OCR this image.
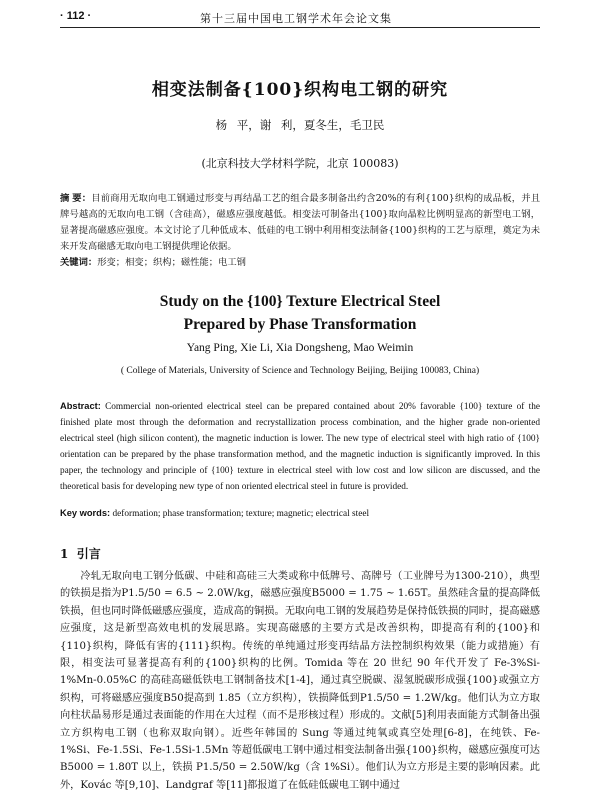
· 112 ·	第十三届中国电工钢学术年会论文集
相变法制备{100}织构电工钢的研究
杨 平，谢 利，夏冬生，毛卫民
(北京科技大学材料学院，北京 100083)
摘 要：目前商用无取向电工钢通过形变与再结晶工艺的组合最多制备出约含20%的有利{100}织构的成品板，并且牌号越高的无取向电工钢（含硅高），磁感应强度越低。相变法可制备出{100}取向晶粒比例明显高的新型电工钢，显著提高磁感应强度。本文讨论了几种低成本、低硅的电工钢中利用相变法制备{100}织构的工艺与原理，奠定为未来开发高磁感无取向电工钢提供理论依据。
关键词：形变；相变；织构；磁性能；电工钢
Study on the {100} Texture Electrical Steel
Prepared by Phase Transformation
Yang Ping, Xie Li, Xia Dongsheng, Mao Weimin
( College of Materials, University of Science and Technology Beijing, Beijing 100083, China)
Abstract: Commercial non-oriented electrical steel can be prepared contained about 20% favorable {100} texture of the finished plate most through the deformation and recrystallization process combination, and the higher grade non-oriented electrical steel (high silicon content), the magnetic induction is lower. The new type of electrical steel with high ratio of {100} orientation can be prepared by the phase transformation method, and the magnetic induction is significantly improved. In this paper, the technology and principle of {100} texture in electrical steel with low cost and low silicon are discussed, and the theoretical basis for developing new type of non oriented electrical steel in future is provided.
Key words: deformation; phase transformation; texture; magnetic; electrical steel
1 引言
冷轧无取向电工钢分低碳、中硅和高硅三大类或称中低牌号、高牌号（工业牌号为1300-210），典型的铁损是指为P1.5/50 = 6.5 ~ 2.0W/kg，磁感应强度B5000 = 1.75 ~ 1.65T。虽然硅含量的提高降低铁损，但也同时降低磁感应强度，造成高的铜损。无取向电工钢的发展趋势是保持低铁损的同时，提高磁感应强度，这是新型高效电机的发展思路。实现高磁感的主要方式是改善织构，即提高有利的{100}和{110}织构，降低有害的{111}织构。传统的单纯通过形变再结晶方法控制织构效果（能力或措施）有限，相变法可显著提高有利的{100}织构的比例。Tomida 等在 20 世纪 90 年代开发了 Fe-3%Si-1%Mn-0.05%C 的高硅高磁低铁电工钢制备技术[1-4]，通过真空脱碳、湿氢脱碳形成强{100}或强立方织构，可将磁感应强度B50提高到 1.85（立方织构），铁损降低到P1.5/50 = 1.2W/kg。他们认为立方取向柱状晶易形是通过表面能的作用在大过程（而不是形核过程）形成的。文献[5]利用表面能方式制备出强立方织构电工钢（也称双取向钢）。近些年韩国的 Sung 等通过纯氧或真空处理[6-8]，在纯铁、Fe-1%Si、Fe-1.5Si、Fe-1.5Si-1.5Mn 等超低碳电工钢中通过相变法制备出强{100}织构，磁感应强度可达 B5000 = 1.80T 以上，铁损 P1.5/50 = 2.50W/kg（含 1%Si）。他们认为立方形是主要的影响因素。此外，Kovác 等[9,10]、Landgraf 等[11]都报道了在低硅低碳电工钢中通过
